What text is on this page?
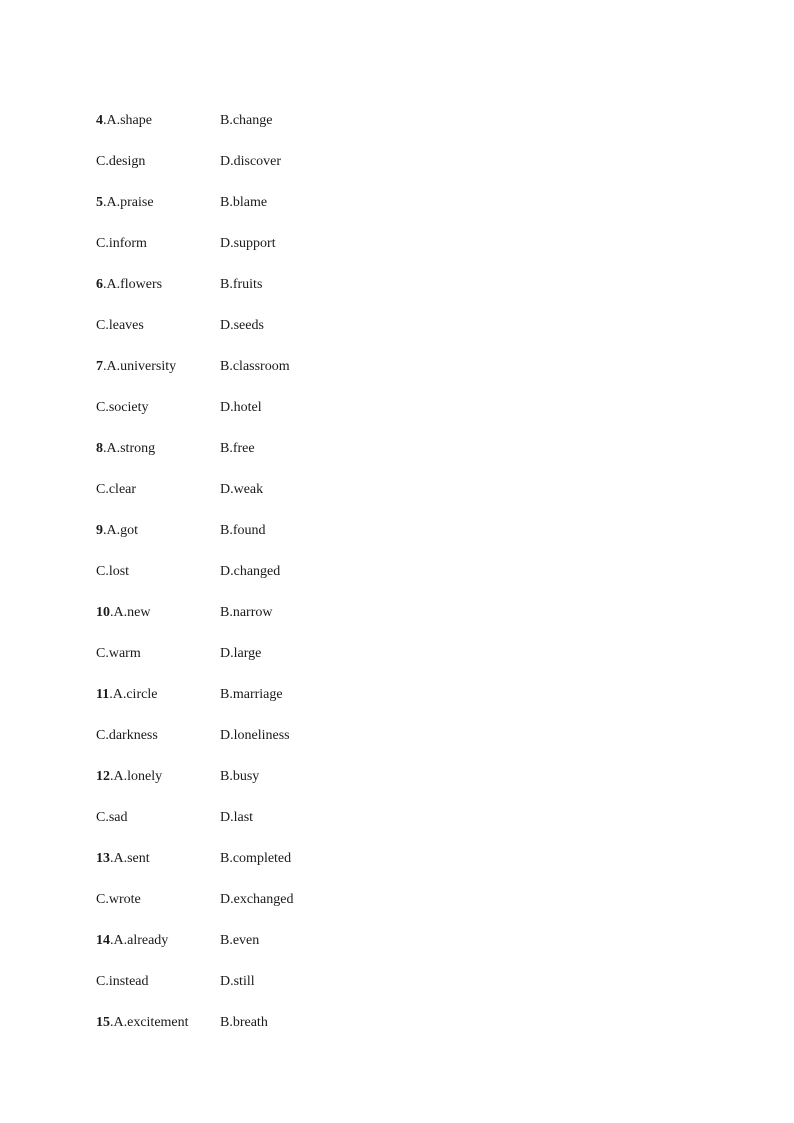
4.A.shape	B.change
C.design	D.discover
5.A.praise	B.blame
C.inform	D.support
6.A.flowers	B.fruits
C.leaves	D.seeds
7.A.university	B.classroom
C.society	D.hotel
8.A.strong	B.free
C.clear	D.weak
9.A.got	B.found
C.lost	D.changed
10.A.new	B.narrow
C.warm	D.large
11.A.circle	B.marriage
C.darkness	D.loneliness
12.A.lonely	B.busy
C.sad	D.last
13.A.sent	B.completed
C.wrote	D.exchanged
14.A.already	B.even
C.instead	D.still
15.A.excitement	B.breath
